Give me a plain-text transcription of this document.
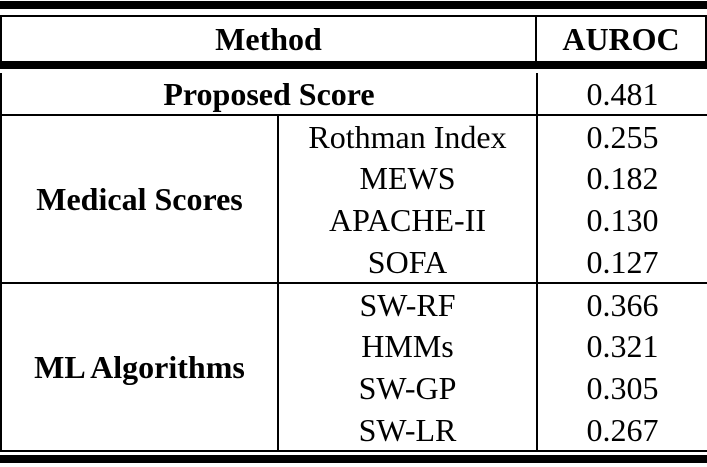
Method	AUROC
Proposed Score		0.481
Medical Scores	Rothman Index	0.255
	MEWS	0.182
	APACHE-II	0.130
	SOFA	0.127
ML Algorithms	SW-RF	0.366
	HMMs	0.321
	SW-GP	0.305
	SW-LR	0.267
